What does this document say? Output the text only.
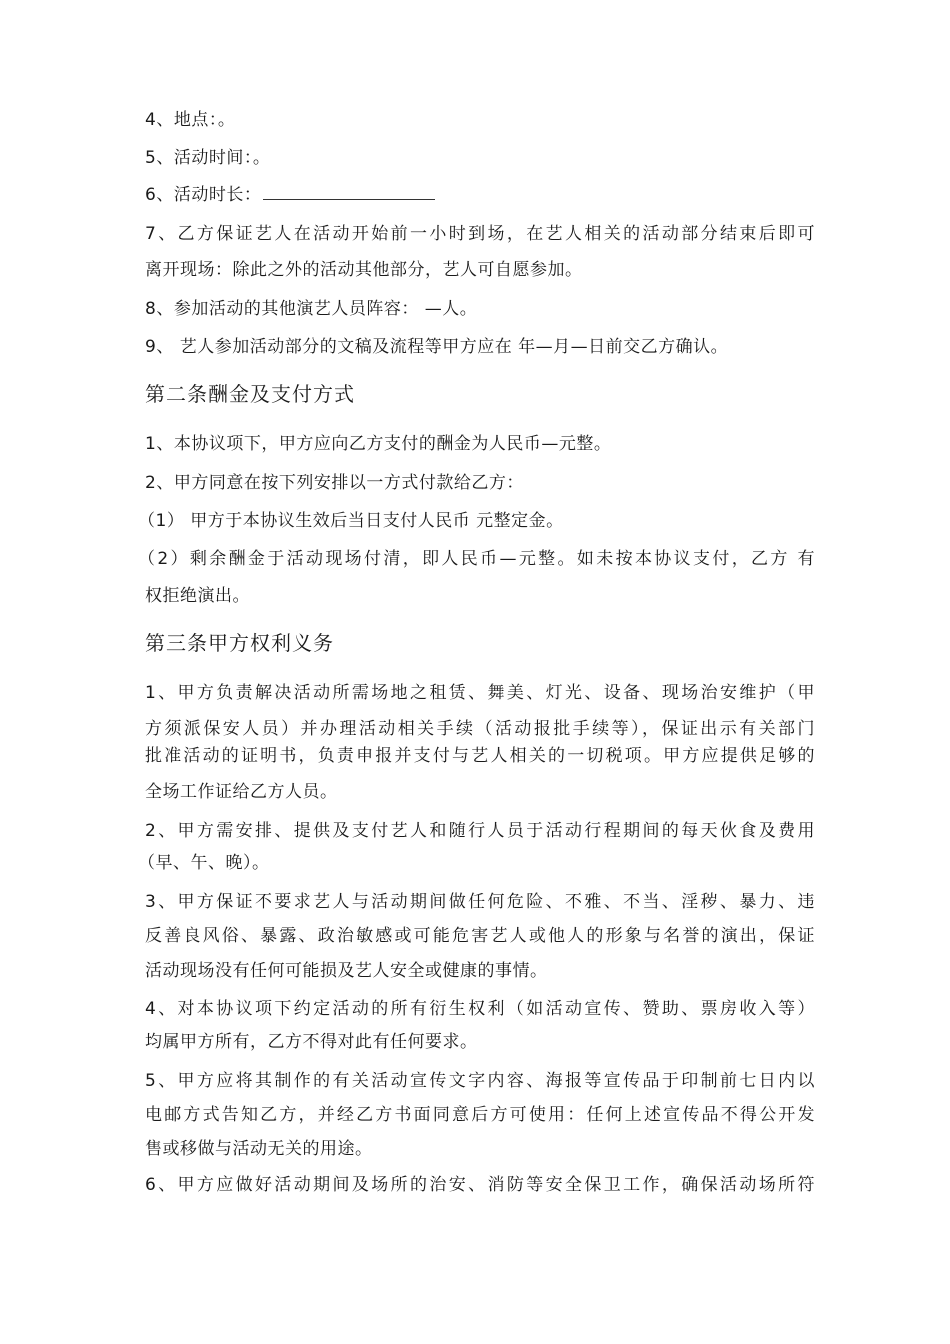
4、地点：。
5、活动时间：。
6、活动时长：
7、乙方保证艺人在活动开始前一小时到场，在艺人相关的活动部分结束后即可
离开现场：除此之外的活动其他部分，艺人可自愿参加。
8、参加活动的其他演艺人员阵容： —人。
9、 艺人参加活动部分的文稿及流程等甲方应在 年—月—日前交乙方确认。
第二条酬金及支付方式
1、本协议项下，甲方应向乙方支付的酬金为人民币—元整。
2、甲方同意在按下列安排以一方式付款给乙方：
（1） 甲方于本协议生效后当日支付人民币 元整定金。
（2）剩余酬金于活动现场付清，即人民币—元整。如未按本协议支付，乙方 有
权拒绝演出。
第三条甲方权利义务
1、甲方负责解决活动所需场地之租赁、舞美、灯光、设备、现场治安维护（甲
方须派保安人员）并办理活动相关手续（活动报批手续等），保证出示有关部门
批准活动的证明书，负责申报并支付与艺人相关的一切税项。甲方应提供足够的
全场工作证给乙方人员。
2、甲方需安排、提供及支付艺人和随行人员于活动行程期间的每天伙食及费用
（早、午、晚）。
3、甲方保证不要求艺人与活动期间做任何危险、不雅、不当、淫秽、暴力、违
反善良风俗、暴露、政治敏感或可能危害艺人或他人的形象与名誉的演出，保证
活动现场没有任何可能损及艺人安全或健康的事情。
4、对本协议项下约定活动的所有衍生权利（如活动宣传、赞助、票房收入等）
均属甲方所有，乙方不得对此有任何要求。
5、甲方应将其制作的有关活动宣传文字内容、海报等宣传品于印制前七日内以
电邮方式告知乙方，并经乙方书面同意后方可使用：任何上述宣传品不得公开发
售或移做与活动无关的用途。
6、甲方应做好活动期间及场所的治安、消防等安全保卫工作，确保活动场所符
